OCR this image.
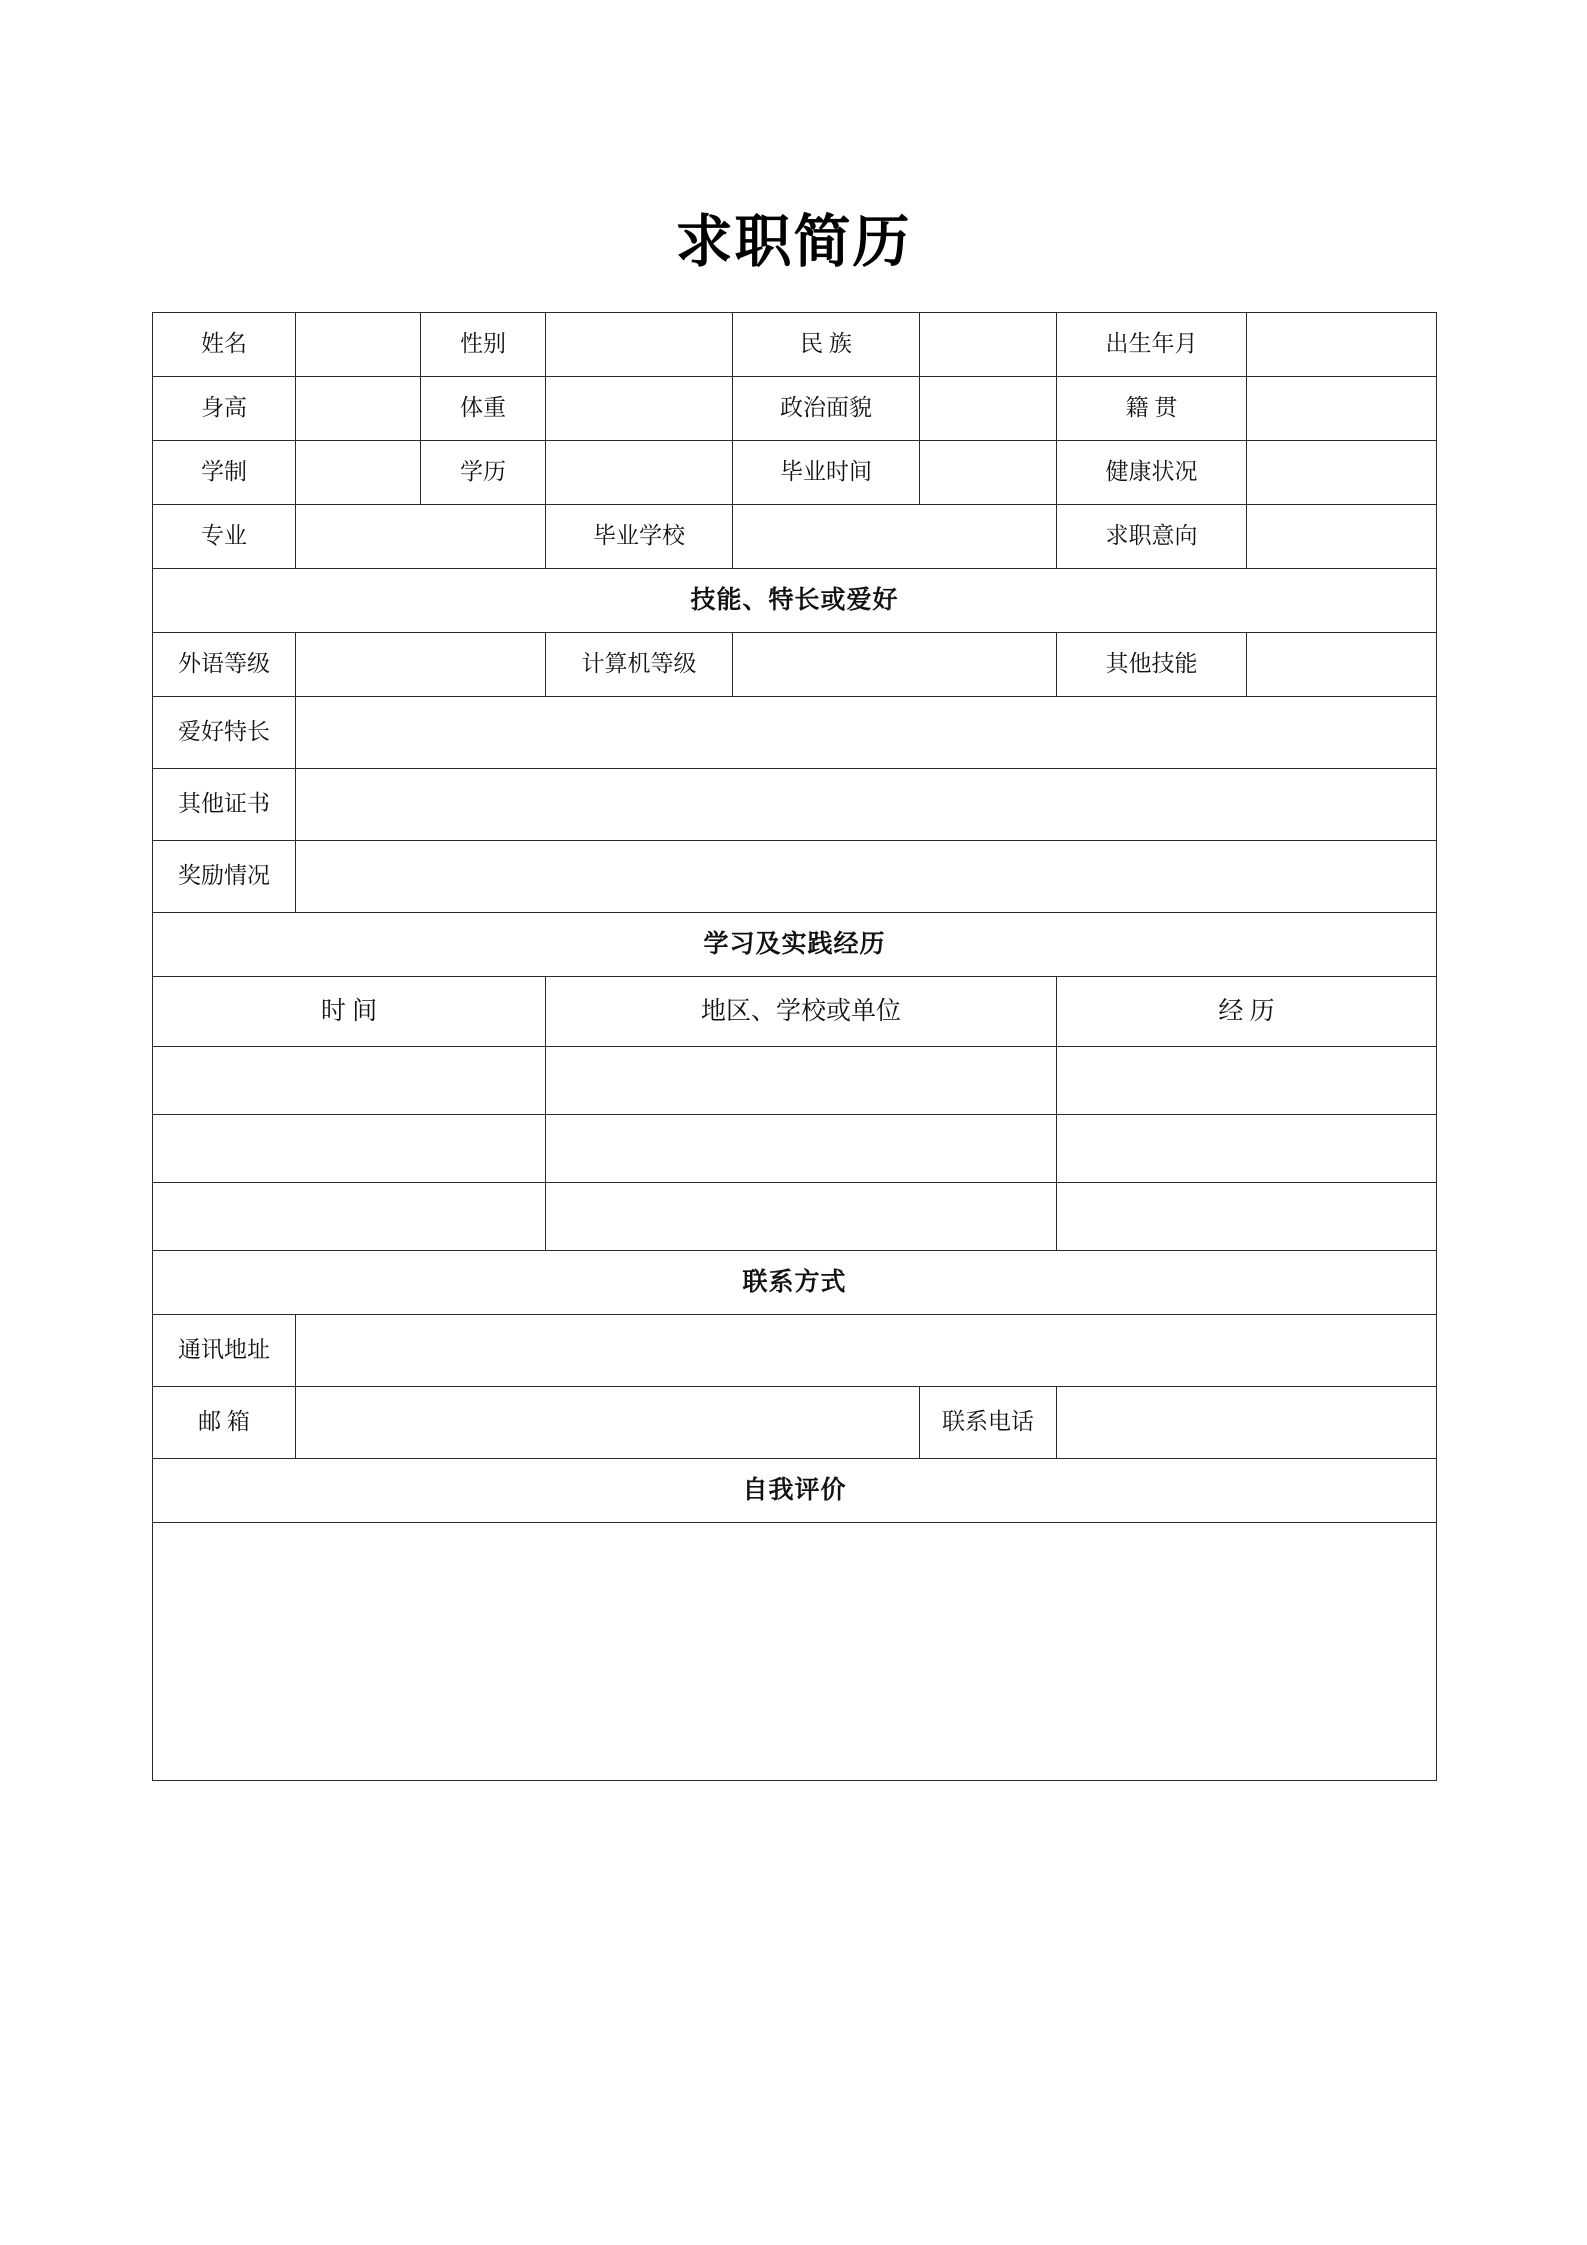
求职简历
姓名		性别		民 族		出生年月	
身高		体重		政治面貌		籍 贯	
学制		学历		毕业时间		健康状况	
专业			毕业学校			求职意向	
技能、特长或爱好							
外语等级			计算机等级			其他技能	
爱好特长							
其他证书							
奖励情况							
学习及实践经历							
时 间			地区、学校或单位			经 历	

联系方式							
通讯地址							
邮 箱					联系电话		
自我评价							
